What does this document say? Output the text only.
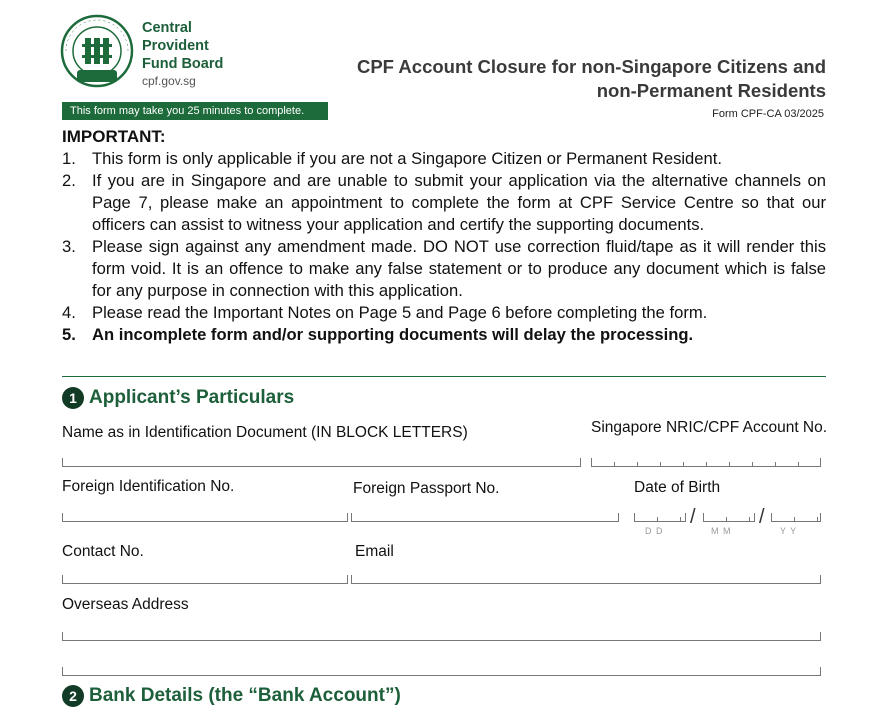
Central
Provident
Fund Board
cpf.gov.sg
CPF Account Closure for non-Singapore Citizens and
non-Permanent Residents
This form may take you 25 minutes to complete.	Form CPF-CA 03/2025
IMPORTANT:
1. This form is only applicable if you are not a Singapore Citizen or Permanent Resident.
2. If you are in Singapore and are unable to submit your application via the alternative channels on Page 7, please make an appointment to complete the form at CPF Service Centre so that our officers can assist to witness your application and certify the supporting documents.
3. Please sign against any amendment made. DO NOT use correction fluid/tape as it will render this form void. It is an offence to make any false statement or to produce any document which is false for any purpose in connection with this application.
4. Please read the Important Notes on Page 5 and Page 6 before completing the form.
5. An incomplete form and/or supporting documents will delay the processing.
1 Applicant’s Particulars
Name as in Identification Document (IN BLOCK LETTERS)	Singapore NRIC/CPF Account No.
Foreign Identification No.	Foreign Passport No.	Date of Birth
/	/
D D	M M	Y Y
Contact No.	Email
Overseas Address
2 Bank Details (the “Bank Account”)
